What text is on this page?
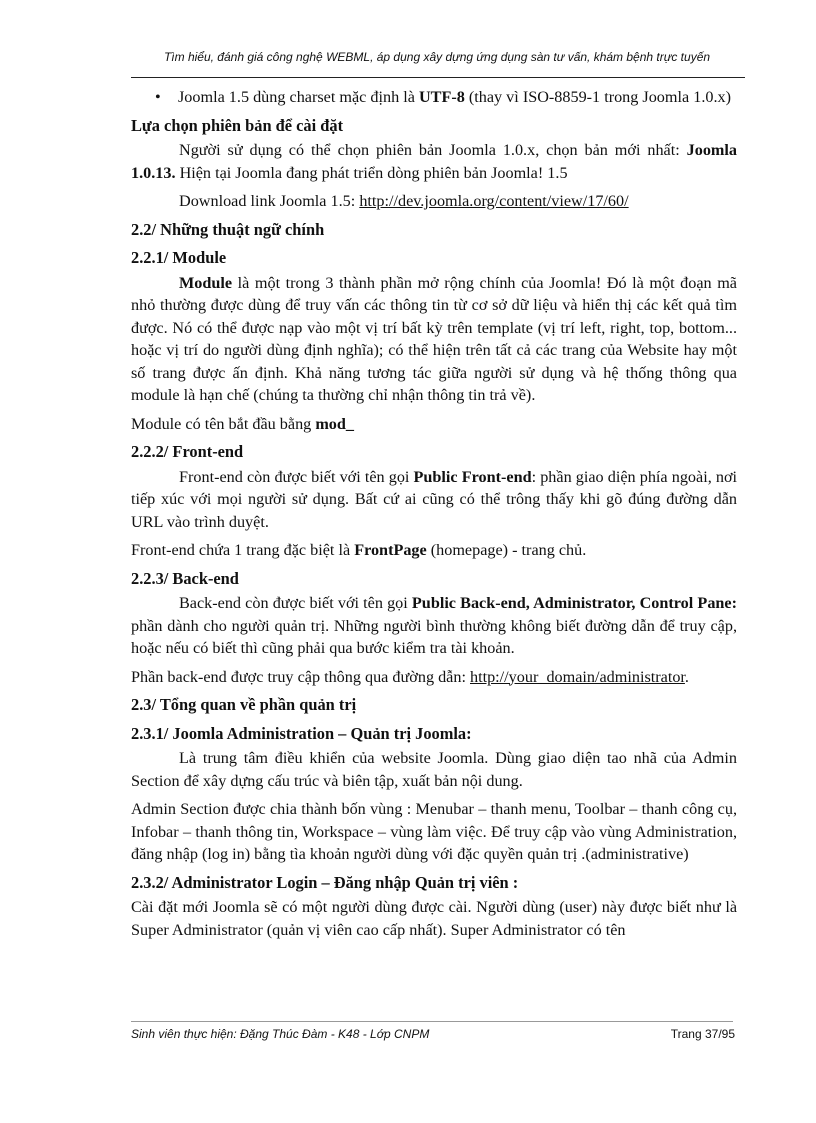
Tìm hiểu, đánh giá công nghệ WEBML, áp dụng xây dựng ứng dụng sàn tư vấn, khám bệnh trực tuyến

• Joomla 1.5 dùng charset mặc định là UTF-8 (thay vì ISO-8859-1 trong Joomla 1.0.x)

Lựa chọn phiên bản để cài đặt

Người sử dụng có thể chọn phiên bản Joomla 1.0.x, chọn bản mới nhất: Joomla 1.0.13. Hiện tại Joomla đang phát triển dòng phiên bản Joomla! 1.5

Download link Joomla 1.5: http://dev.joomla.org/content/view/17/60/

2.2/ Những thuật ngữ chính
2.2.1/ Module

Module là một trong 3 thành phần mở rộng chính của Joomla! Đó là một đoạn mã nhỏ thường được dùng để truy vấn các thông tin từ cơ sở dữ liệu và hiển thị các kết quả tìm được. Nó có thể được nạp vào một vị trí bất kỳ trên template (vị trí left, right, top, bottom... hoặc vị trí do người dùng định nghĩa); có thể hiện trên tất cả các trang của Website hay một số trang được ấn định. Khả năng tương tác giữa người sử dụng và hệ thống thông qua module là hạn chế (chúng ta thường chỉ nhận thông tin trả về).

Module có tên bắt đầu bằng mod_

2.2.2/ Front-end

Front-end còn được biết với tên gọi Public Front-end: phần giao diện phía ngoài, nơi tiếp xúc với mọi người sử dụng. Bất cứ ai cũng có thể trông thấy khi gõ đúng đường dẫn URL vào trình duyệt.

Front-end chứa 1 trang đặc biệt là FrontPage (homepage) - trang chủ.

2.2.3/ Back-end

Back-end còn được biết với tên gọi Public Back-end, Administrator, Control Pane: phần dành cho người quản trị. Những người bình thường không biết đường dẫn để truy cập, hoặc nếu có biết thì cũng phải qua bước kiểm tra tài khoản.

Phần back-end được truy cập thông qua đường dẫn: http://your_domain/administrator.

2.3/ Tổng quan về phần quản trị
2.3.1/ Joomla Administration – Quản trị Joomla:

Là trung tâm điều khiển của website Joomla. Dùng giao diện tao nhã của Admin Section để xây dựng cấu trúc và biên tập, xuất bản nội dung.

Admin Section được chia thành bốn vùng : Menubar – thanh menu, Toolbar – thanh công cụ, Infobar – thanh thông tin, Workspace – vùng làm việc. Để truy cập vào vùng Administration, đăng nhập (log in) bằng tìa khoản người dùng với đặc quyền quản trị .(administrative)

2.3.2/ Administrator Login – Đăng nhập Quản trị viên :

Cài đặt mới Joomla sẽ có một người dùng được cài. Người dùng (user) này được biết như là Super Administrator (quản vị viên cao cấp nhất). Super Administrator có tên

Sinh viên thực hiện: Đặng Thúc Đàm - K48 - Lớp CNPM	Trang 37/95
